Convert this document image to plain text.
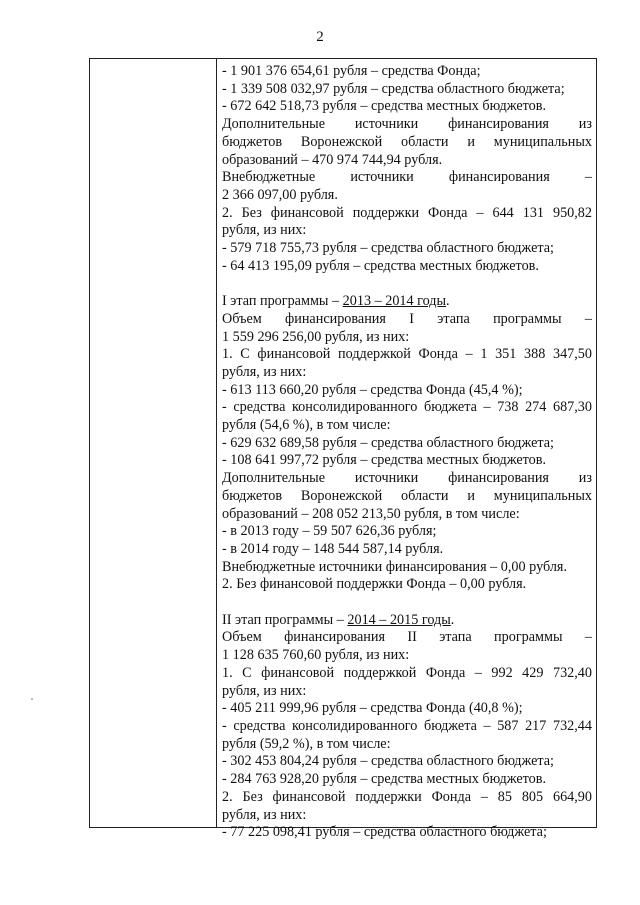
2
- 1 901 376 654,61 рубля – средства Фонда;
- 1 339 508 032,97 рубля – средства областного бюджета;
- 672 642 518,73 рубля – средства местных бюджетов.
Дополнительные источники финансирования из
бюджетов Воронежской области и муниципальных
образований – 470 974 744,94 рубля.
Внебюджетные источники финансирования –
2 366 097,00 рубля.
2. Без финансовой поддержки Фонда – 644 131 950,82
рубля, из них:
- 579 718 755,73 рубля – средства областного бюджета;
- 64 413 195,09 рубля – средства местных бюджетов.
I этап программы – 2013 – 2014 годы.
Объем финансирования I этапа программы –
1 559 296 256,00 рубля, из них:
1. С финансовой поддержкой Фонда – 1 351 388 347,50
рубля, из них:
- 613 113 660,20 рубля – средства Фонда (45,4 %);
- средства консолидированного бюджета – 738 274 687,30
рубля (54,6 %), в том числе:
- 629 632 689,58 рубля – средства областного бюджета;
- 108 641 997,72 рубля – средства местных бюджетов.
Дополнительные источники финансирования из
бюджетов Воронежской области и муниципальных
образований – 208 052 213,50 рубля, в том числе:
- в 2013 году – 59 507 626,36 рубля;
- в 2014 году – 148 544 587,14 рубля.
Внебюджетные источники финансирования – 0,00 рубля.
2. Без финансовой поддержки Фонда – 0,00 рубля.
II этап программы – 2014 – 2015 годы.
Объем финансирования II этапа программы –
1 128 635 760,60 рубля, из них:
1. С финансовой поддержкой Фонда – 992 429 732,40
рубля, из них:
- 405 211 999,96 рубля – средства Фонда (40,8 %);
- средства консолидированного бюджета – 587 217 732,44
рубля (59,2 %), в том числе:
- 302 453 804,24 рубля – средства областного бюджета;
- 284 763 928,20 рубля – средства местных бюджетов.
2. Без финансовой поддержки Фонда – 85 805 664,90
рубля, из них:
- 77 225 098,41 рубля – средства областного бюджета;
